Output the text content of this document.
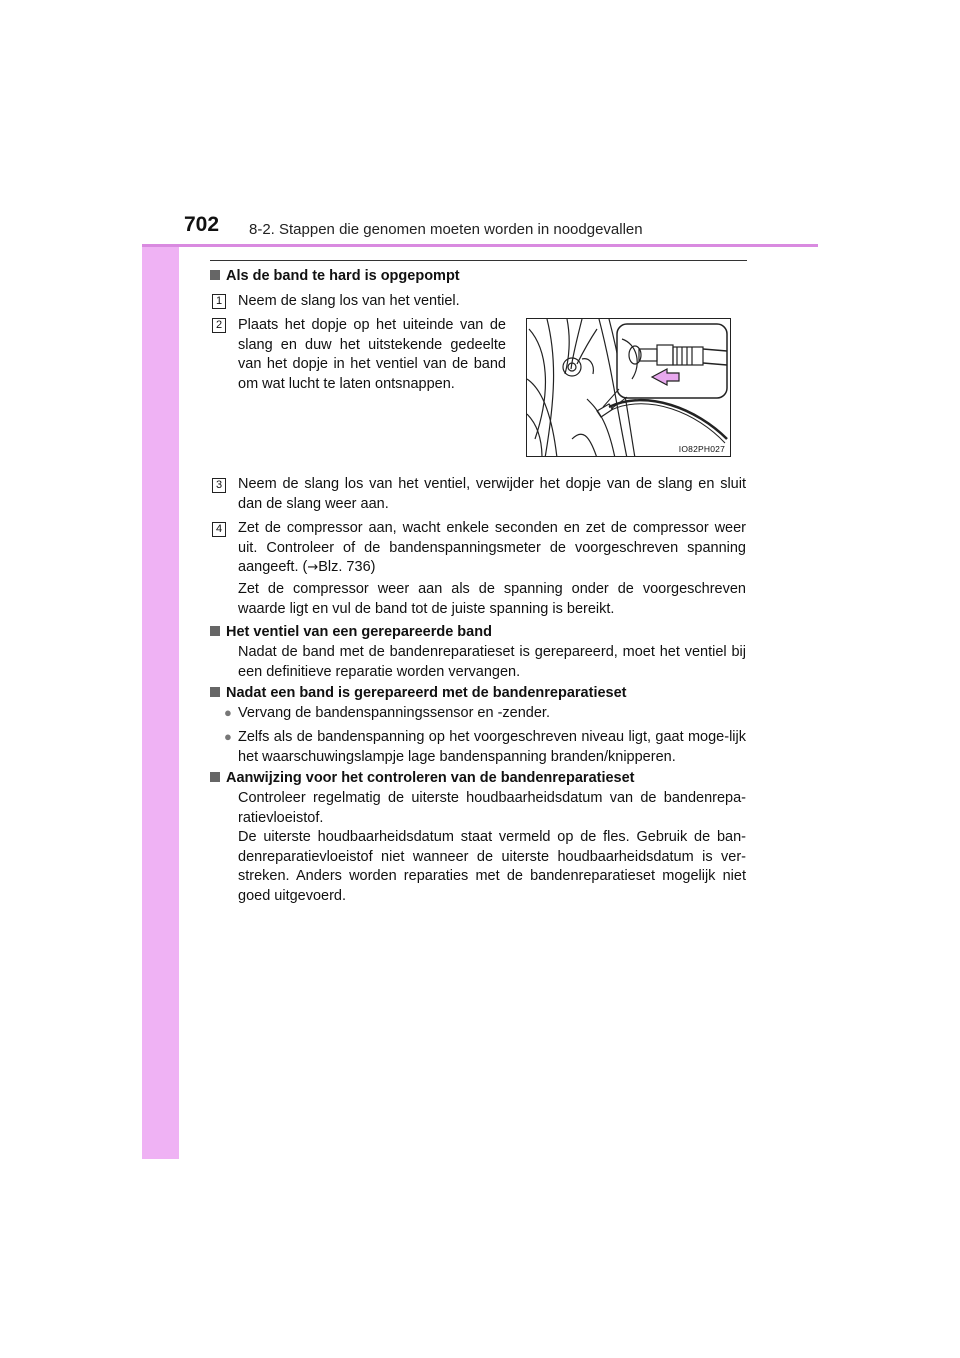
702 8-2. Stappen die genomen moeten worden in noodgevallen
Als de band te hard is opgepompt
1 Neem de slang los van het ventiel.
2 Plaats het dopje op het uiteinde van de slang en duw het uitstekende gedeelte van het dopje in het ventiel van de band om wat lucht te laten ontsnappen.
IO82PH027
3 Neem de slang los van het ventiel, verwijder het dopje van de slang en sluit dan de slang weer aan.
4 Zet de compressor aan, wacht enkele seconden en zet de compressor weer uit. Controleer of de bandenspanningsmeter de voorgeschreven spanning aangeeft. (→Blz. 736)
Zet de compressor weer aan als de spanning onder de voorgeschreven waarde ligt en vul de band tot de juiste spanning is bereikt.
Het ventiel van een gerepareerde band
Nadat de band met de bandenreparatieset is gerepareerd, moet het ventiel bij een definitieve reparatie worden vervangen.
Nadat een band is gerepareerd met de bandenreparatieset
● Vervang de bandenspanningssensor en -zender.
● Zelfs als de bandenspanning op het voorgeschreven niveau ligt, gaat moge-lijk het waarschuwingslampje lage bandenspanning branden/knipperen.
Aanwijzing voor het controleren van de bandenreparatieset
Controleer regelmatig de uiterste houdbaarheidsdatum van de bandenrepa-ratievloeistof.
De uiterste houdbaarheidsdatum staat vermeld op de fles. Gebruik de ban-denreparatievloeistof niet wanneer de uiterste houdbaarheidsdatum is ver-streken. Anders worden reparaties met de bandenreparatieset mogelijk niet goed uitgevoerd.
